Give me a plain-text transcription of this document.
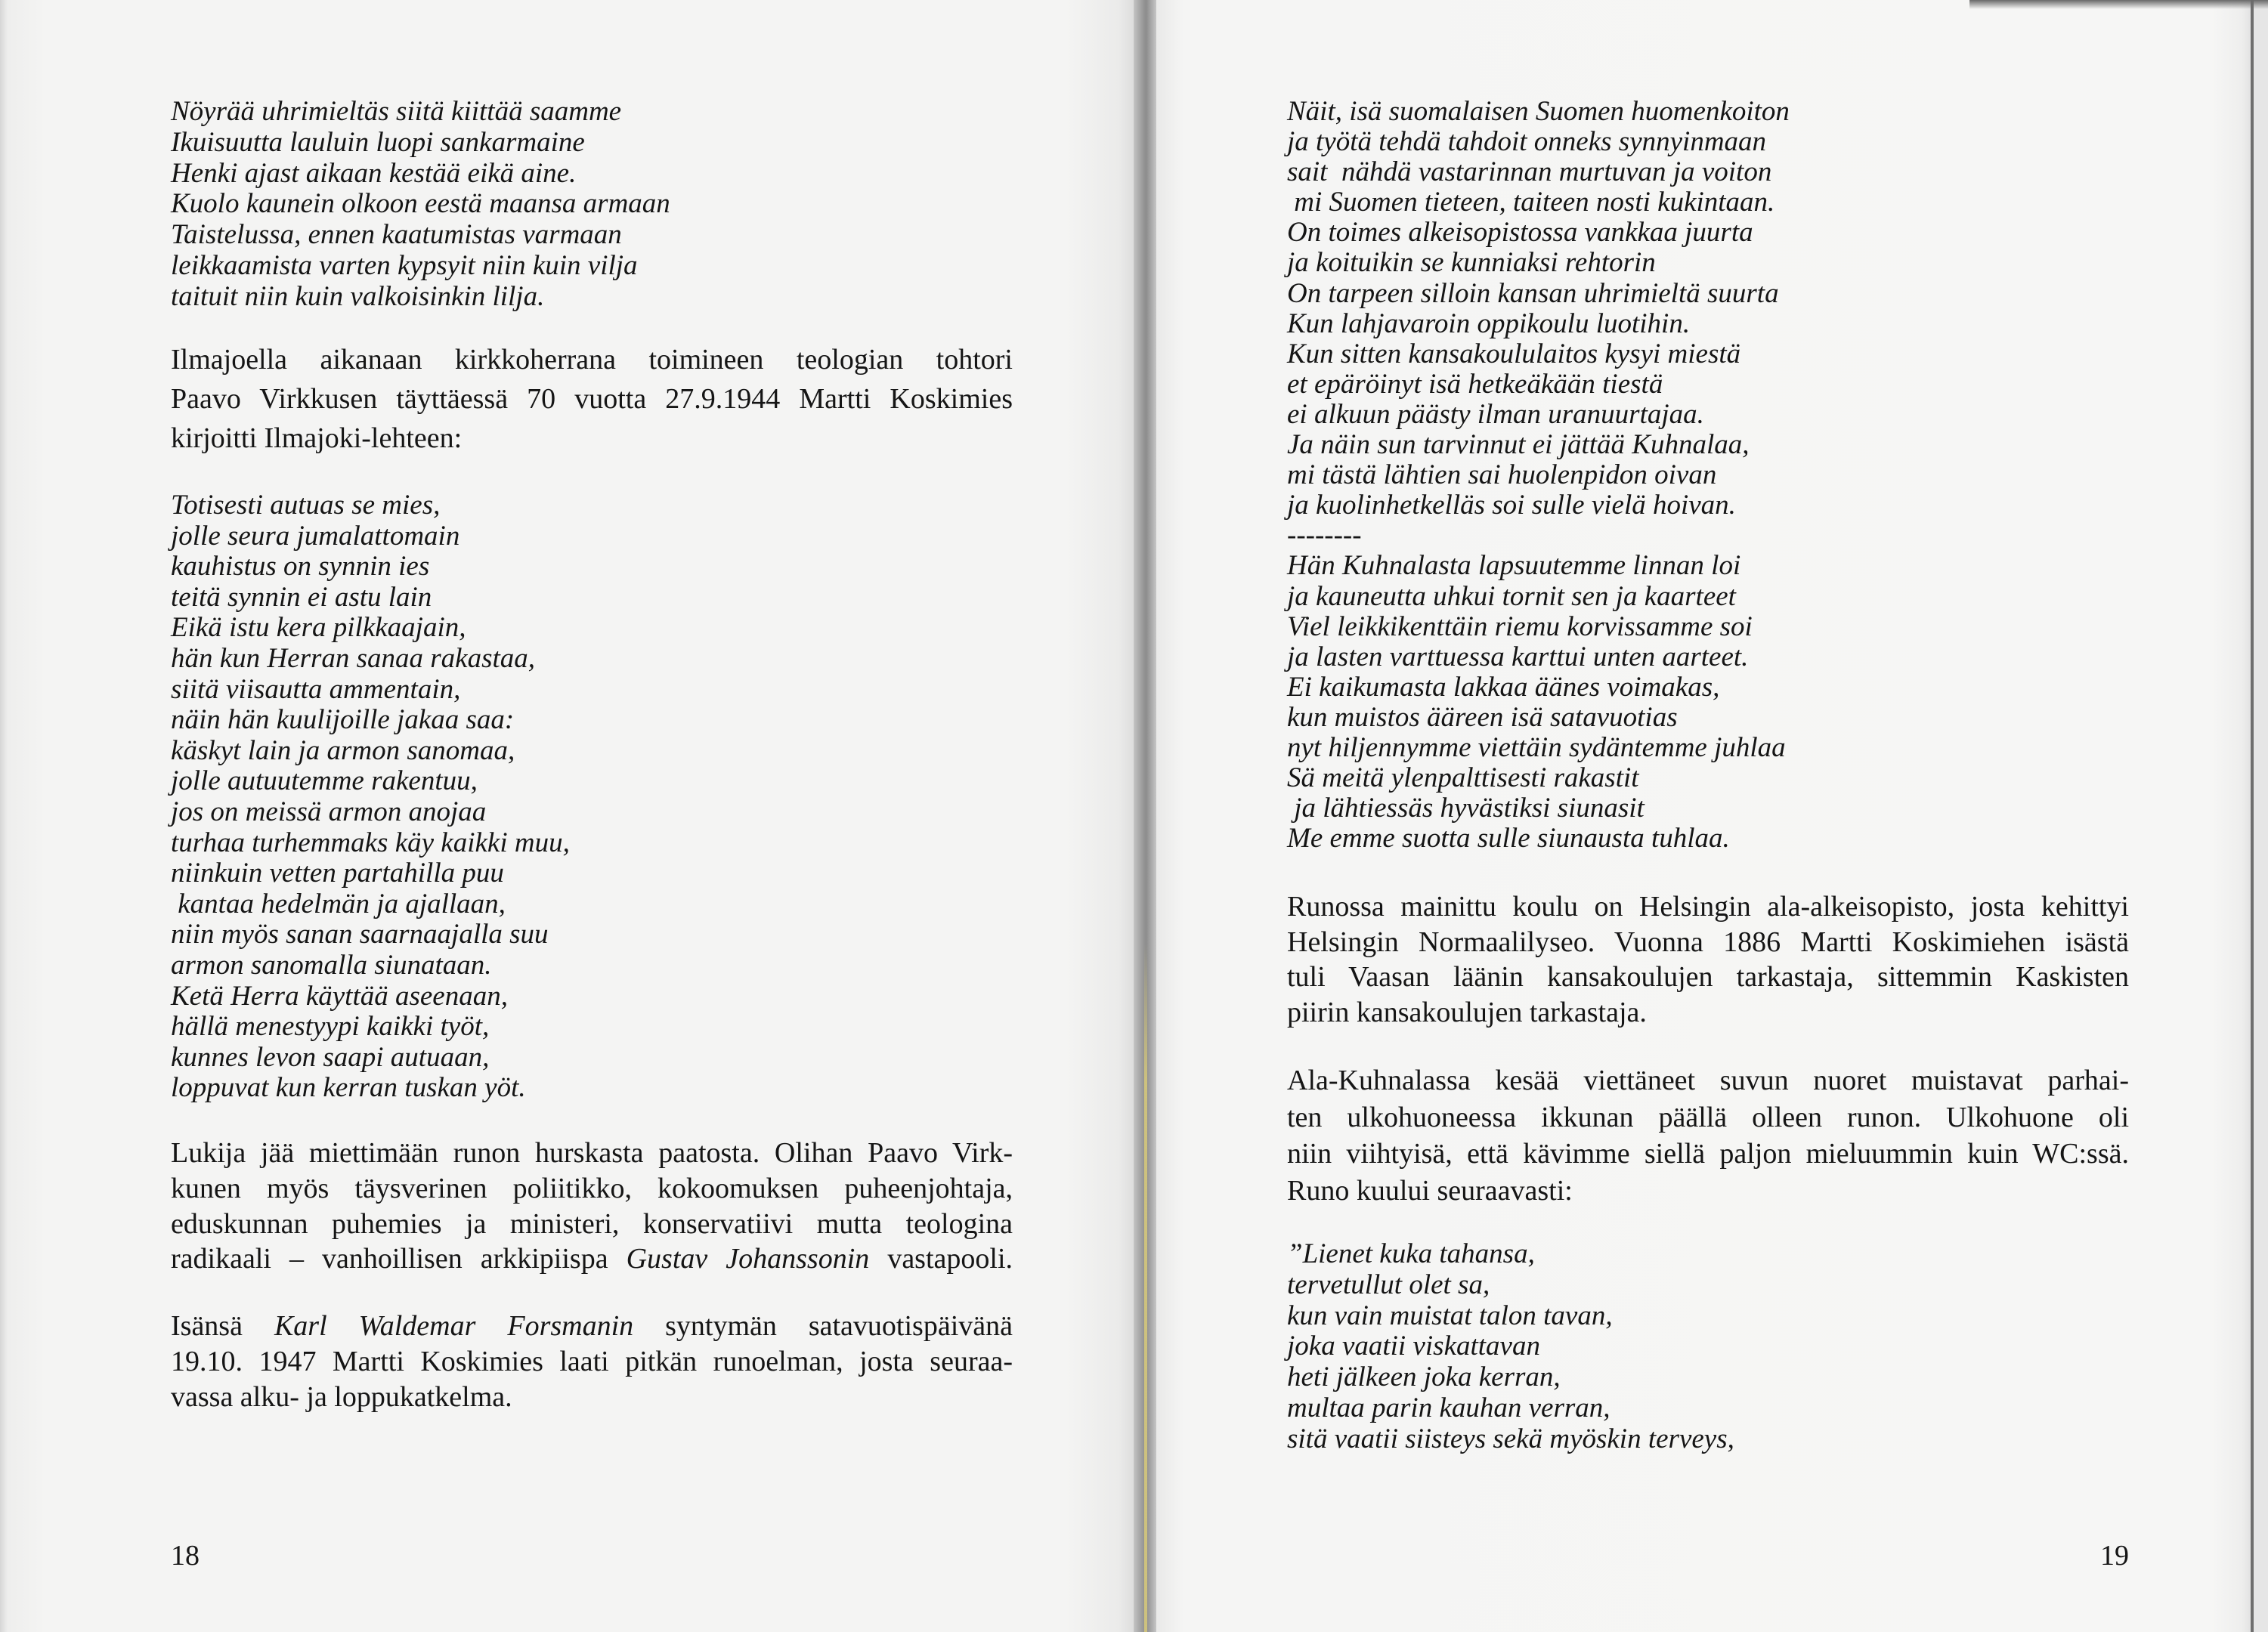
Nöyrää uhrimieltäs siitä kiittää saamme
Ikuisuutta lauluin luopi sankarmaine
Henki ajast aikaan kestää eikä aine.
Kuolo kaunein olkoon eestä maansa armaan
Taistelussa, ennen kaatumistas varmaan
leikkaamista varten kypsyit niin kuin vilja
taituit niin kuin valkoisinkin lilja.
Ilmajoella aikanaan kirkkoherrana toimineen teologian tohtori
Paavo Virkkusen täyttäessä 70 vuotta 27.9.1944 Martti Koskimies
kirjoitti Ilmajoki-lehteen:
Totisesti autuas se mies,
jolle seura jumalattomain
kauhistus on synnin ies
teitä synnin ei astu lain
Eikä istu kera pilkkaajain,
hän kun Herran sanaa rakastaa,
siitä viisautta ammentain,
näin hän kuulijoille jakaa saa:
käskyt lain ja armon sanomaa,
jolle autuutemme rakentuu,
jos on meissä armon anojaa
turhaa turhemmaks käy kaikki muu,
niinkuin vetten partahilla puu
kantaa hedelmän ja ajallaan,
niin myös sanan saarnaajalla suu
armon sanomalla siunataan.
Ketä Herra käyttää aseenaan,
hällä menestyypi kaikki työt,
kunnes levon saapi autuaan,
loppuvat kun kerran tuskan yöt.
Lukija jää miettimään runon hurskasta paatosta. Olihan Paavo Virk-
kunen myös täysverinen poliitikko, kokoomuksen puheenjohtaja,
eduskunnan puhemies ja ministeri, konservatiivi mutta teologina
radikaali – vanhoillisen arkkipiispa Gustav Johanssonin vastapooli.
Isänsä Karl Waldemar Forsmanin syntymän satavuotispäivänä
19.10. 1947 Martti Koskimies laati pitkän runoelman, josta seuraa-
vassa alku- ja loppukatkelma.
18
Näit, isä suomalaisen Suomen huomenkoiton
ja työtä tehdä tahdoit onneks synnyinmaan
sait  nähdä vastarinnan murtuvan ja voiton
mi Suomen tieteen, taiteen nosti kukintaan.
On toimes alkeisopistossa vankkaa juurta
ja koituikin se kunniaksi rehtorin
On tarpeen silloin kansan uhrimieltä suurta
Kun lahjavaroin oppikoulu luotihin.
Kun sitten kansakoululaitos kysyi miestä
et epäröinyt isä hetkeäkään tiestä
ei alkuun päästy ilman uranuurtajaa.
Ja näin sun tarvinnut ei jättää Kuhnalaa,
mi tästä lähtien sai huolenpidon oivan
ja kuolinhetkelläs soi sulle vielä hoivan.
--------
Hän Kuhnalasta lapsuutemme linnan loi
ja kauneutta uhkui tornit sen ja kaarteet
Viel leikkikenttäin riemu korvissamme soi
ja lasten varttuessa karttui unten aarteet.
Ei kaikumasta lakkaa äänes voimakas,
kun muistos ääreen isä satavuotias
nyt hiljennymme viettäin sydäntemme juhlaa
Sä meitä ylenpalttisesti rakastit
ja lähtiessäs hyvästiksi siunasit
Me emme suotta sulle siunausta tuhlaa.
Runossa mainittu koulu on Helsingin ala-alkeisopisto, josta kehittyi
Helsingin Normaalilyseo. Vuonna 1886 Martti Koskimiehen isästä
tuli Vaasan läänin kansakoulujen tarkastaja, sittemmin Kaskisten
piirin kansakoulujen tarkastaja.
Ala-Kuhnalassa kesää viettäneet suvun nuoret muistavat parhai-
ten ulkohuoneessa ikkunan päällä olleen runon. Ulkohuone oli
niin viihtyisä, että kävimme siellä paljon mieluummin kuin WC:ssä.
Runo kuului seuraavasti:
”Lienet kuka tahansa,
tervetullut olet sa,
kun vain muistat talon tavan,
joka vaatii viskattavan
heti jälkeen joka kerran,
multaa parin kauhan verran,
sitä vaatii siisteys sekä myöskin terveys,
19
